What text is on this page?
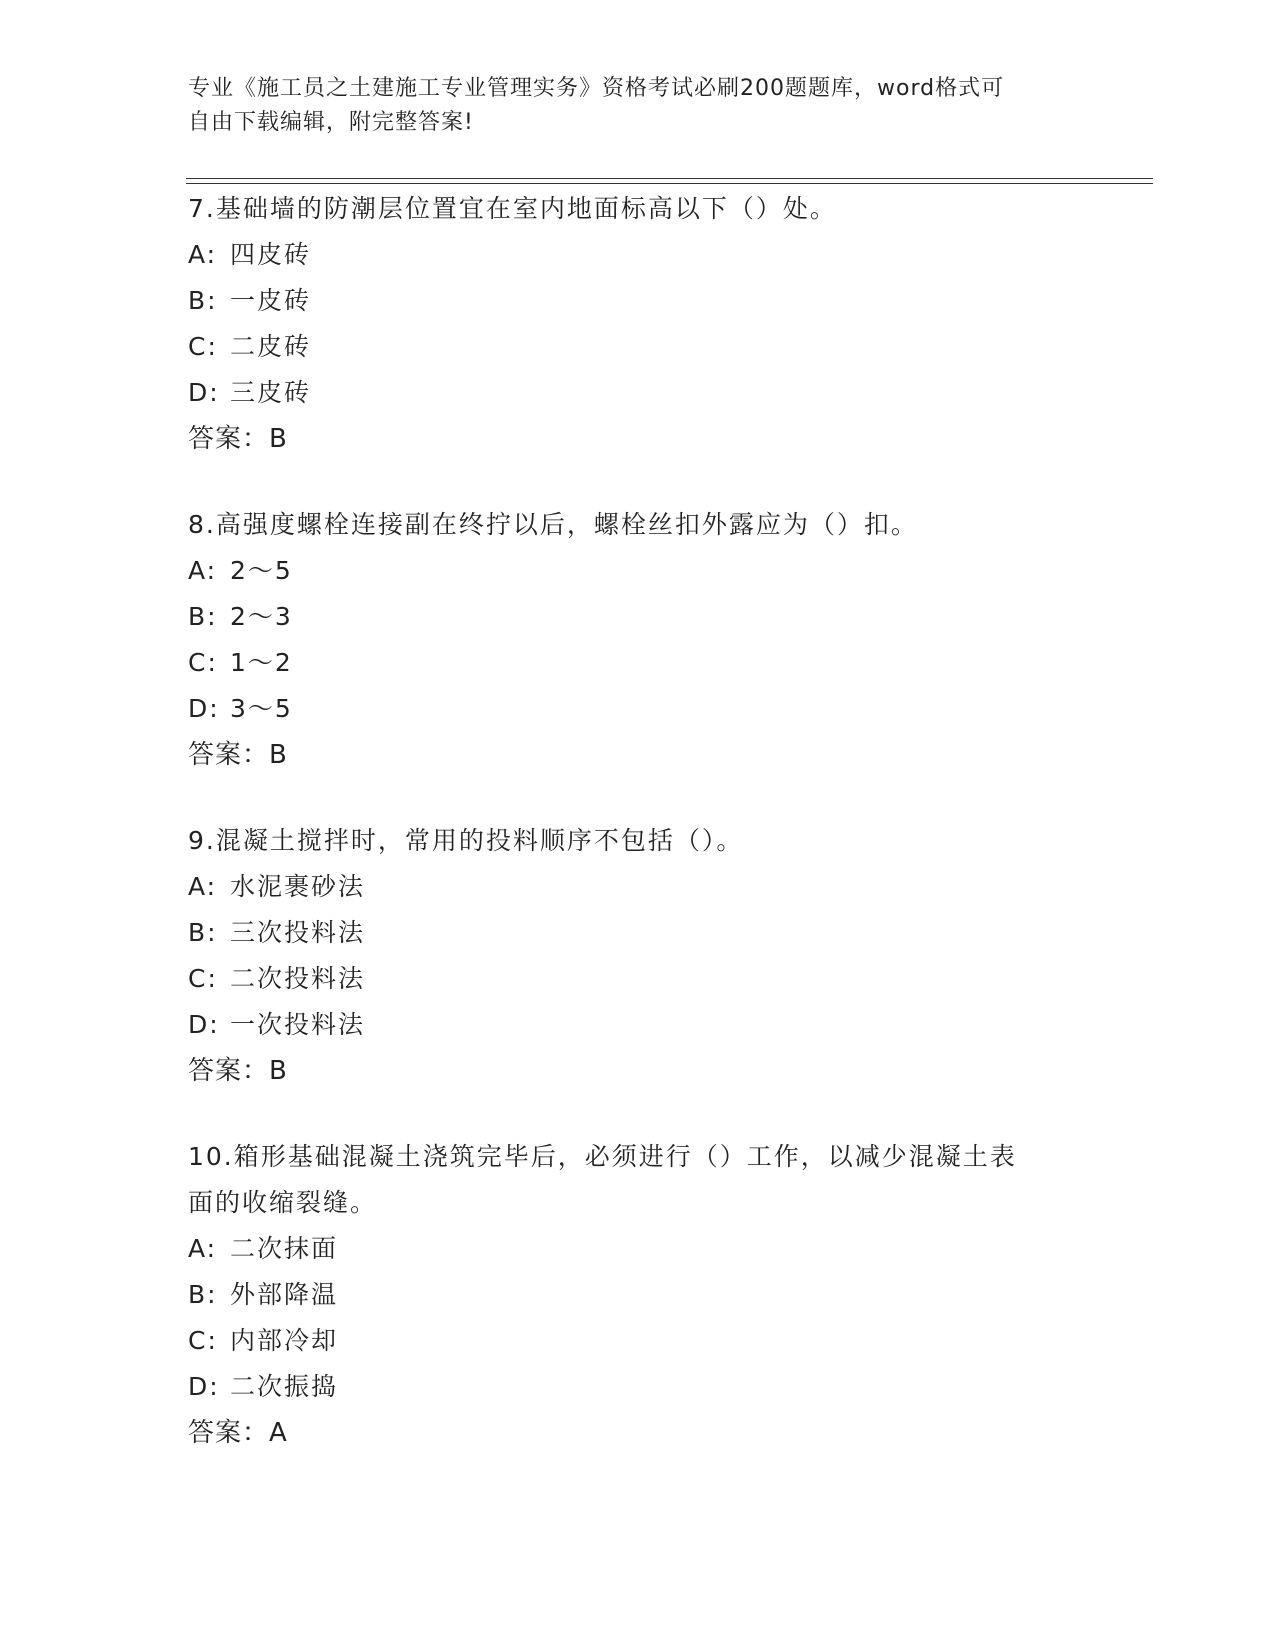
专业《施工员之土建施工专业管理实务》资格考试必刷200题题库，word格式可
自由下载编辑，附完整答案!
7.基础墙的防潮层位置宜在室内地面标高以下（）处。
A: 四皮砖
B: 一皮砖
C: 二皮砖
D: 三皮砖
答案：B
8.高强度螺栓连接副在终拧以后，螺栓丝扣外露应为（）扣。
A: 2～5
B: 2～3
C: 1～2
D: 3～5
答案：B
9.混凝土搅拌时，常用的投料顺序不包括（）。
A: 水泥裹砂法
B: 三次投料法
C: 二次投料法
D: 一次投料法
答案：B
10.箱形基础混凝土浇筑完毕后，必须进行（）工作，以减少混凝土表
面的收缩裂缝。
A: 二次抹面
B: 外部降温
C: 内部冷却
D: 二次振捣
答案：A
